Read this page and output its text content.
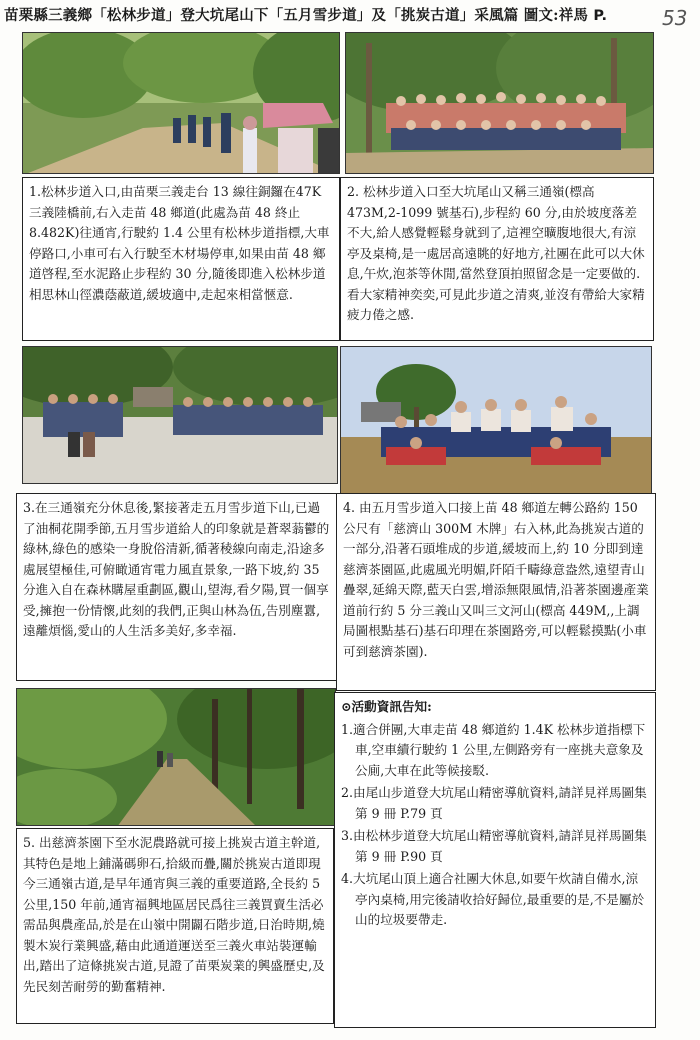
苗栗縣三義鄉「松林步道」登大坑尾山下「五月雪步道」及「挑炭古道」采風篇 圖文:祥馬 P.	53
1.松林步道入口,由苗栗三義走台 13 線往銅鑼在47K 三義陸橋前,右入走苗 48 鄉道(此處為苗 48 終止 8.482K)往通宵,行駛約 1.4 公里有松林步道指標,大車停路口,小車可右入行駛至木材場停車,如果由苗 48 鄉道啓程,至水泥路止步程約 30 分,隨後即進入松林步道相思林山徑濃蔭蔽道,緩坡適中,走起來相當愜意.
2. 松林步道入口至大坑尾山又稱三通嶺(標高473M,2-1099 號基石),步程約 60 分,由於坡度落差不大,給人感覺輕鬆身就到了,這裡空曠腹地很大,有涼亭及桌椅,是一處居高遠眺的好地方,社團在此可以大休息,午炊,泡茶等休閒,當然登頂拍照留念是一定要做的.看大家精神奕奕,可見此步道之清爽,並沒有帶給大家精疲力倦之感.
3.在三通嶺充分休息後,緊接著走五月雪步道下山,已過了油桐花開季節,五月雪步道給人的印象就是蒼翠蓊鬱的綠林,綠色的感染一身脫俗清新,循著稜線向南走,沿途多處展望極佳,可俯瞰通宵電力風直景象,一路下坡,約 35 分進入自在森林購屋重劃區,觀山,望海,看夕陽,買一個享受,擁抱一份情懷,此刻的我們,正與山林為伍,告別塵囂,遠離煩惱,愛山的人生活多美好,多幸福.
4. 由五月雪步道入口接上苗 48 鄉道左轉公路約 150 公尺有「慈濟山 300M 木牌」右入林,此為挑炭古道的一部分,沿著石頭堆成的步道,緩坡而上,約 10 分即到達慈濟茶園區,此處風光明媚,阡陌千疇綠意盎然,遠望青山疊翠,延綿天際,藍天白雲,增添無限風情,沿著茶園邊產業道前行約 5 分三義山又叫三文河山(標高 449M,,上調局圖根點基石)基石印理在茶園路旁,可以輕鬆摸點(小車可到慈濟茶園).
5. 出慈濟茶園下至水泥農路就可接上挑炭古道主幹道,其特色是地上鋪滿碼卵石,拾級而疊,關於挑炭古道即現今三通嶺古道,是早年通宵與三義的重要道路,全長約 5 公里,150 年前,通宵福興地區居民爲往三義買賣生活必需品與農產品,於是在山嶺中開闢石階步道,日治時期,燒製木炭行業興盛,藉由此通道運送至三義火車站裝運輸出,踏出了這條挑炭古道,見證了苗栗炭業的興盛歷史,及先民刻苦耐勞的勤奮精神.
⊙活動資訊告知:
1.適合併團,大車走苗 48 鄉道約 1.4K 松林步道指標下車,空車續行駛約 1 公里,左側路旁有一座挑夫意象及公廁,大車在此等候接駁.
2.由尾山步道登大坑尾山精密導航資料,請詳見祥馬圖集第 9 冊 P.79 頁
3.由松林步道登大坑尾山精密導航資料,請詳見祥馬圖集第 9 冊 P.90 頁
4.大坑尾山頂上適合社團大休息,如要午炊請自備水,涼亭內桌椅,用完後請收拾好歸位,最重要的是,不是屬於山的垃圾要帶走.
